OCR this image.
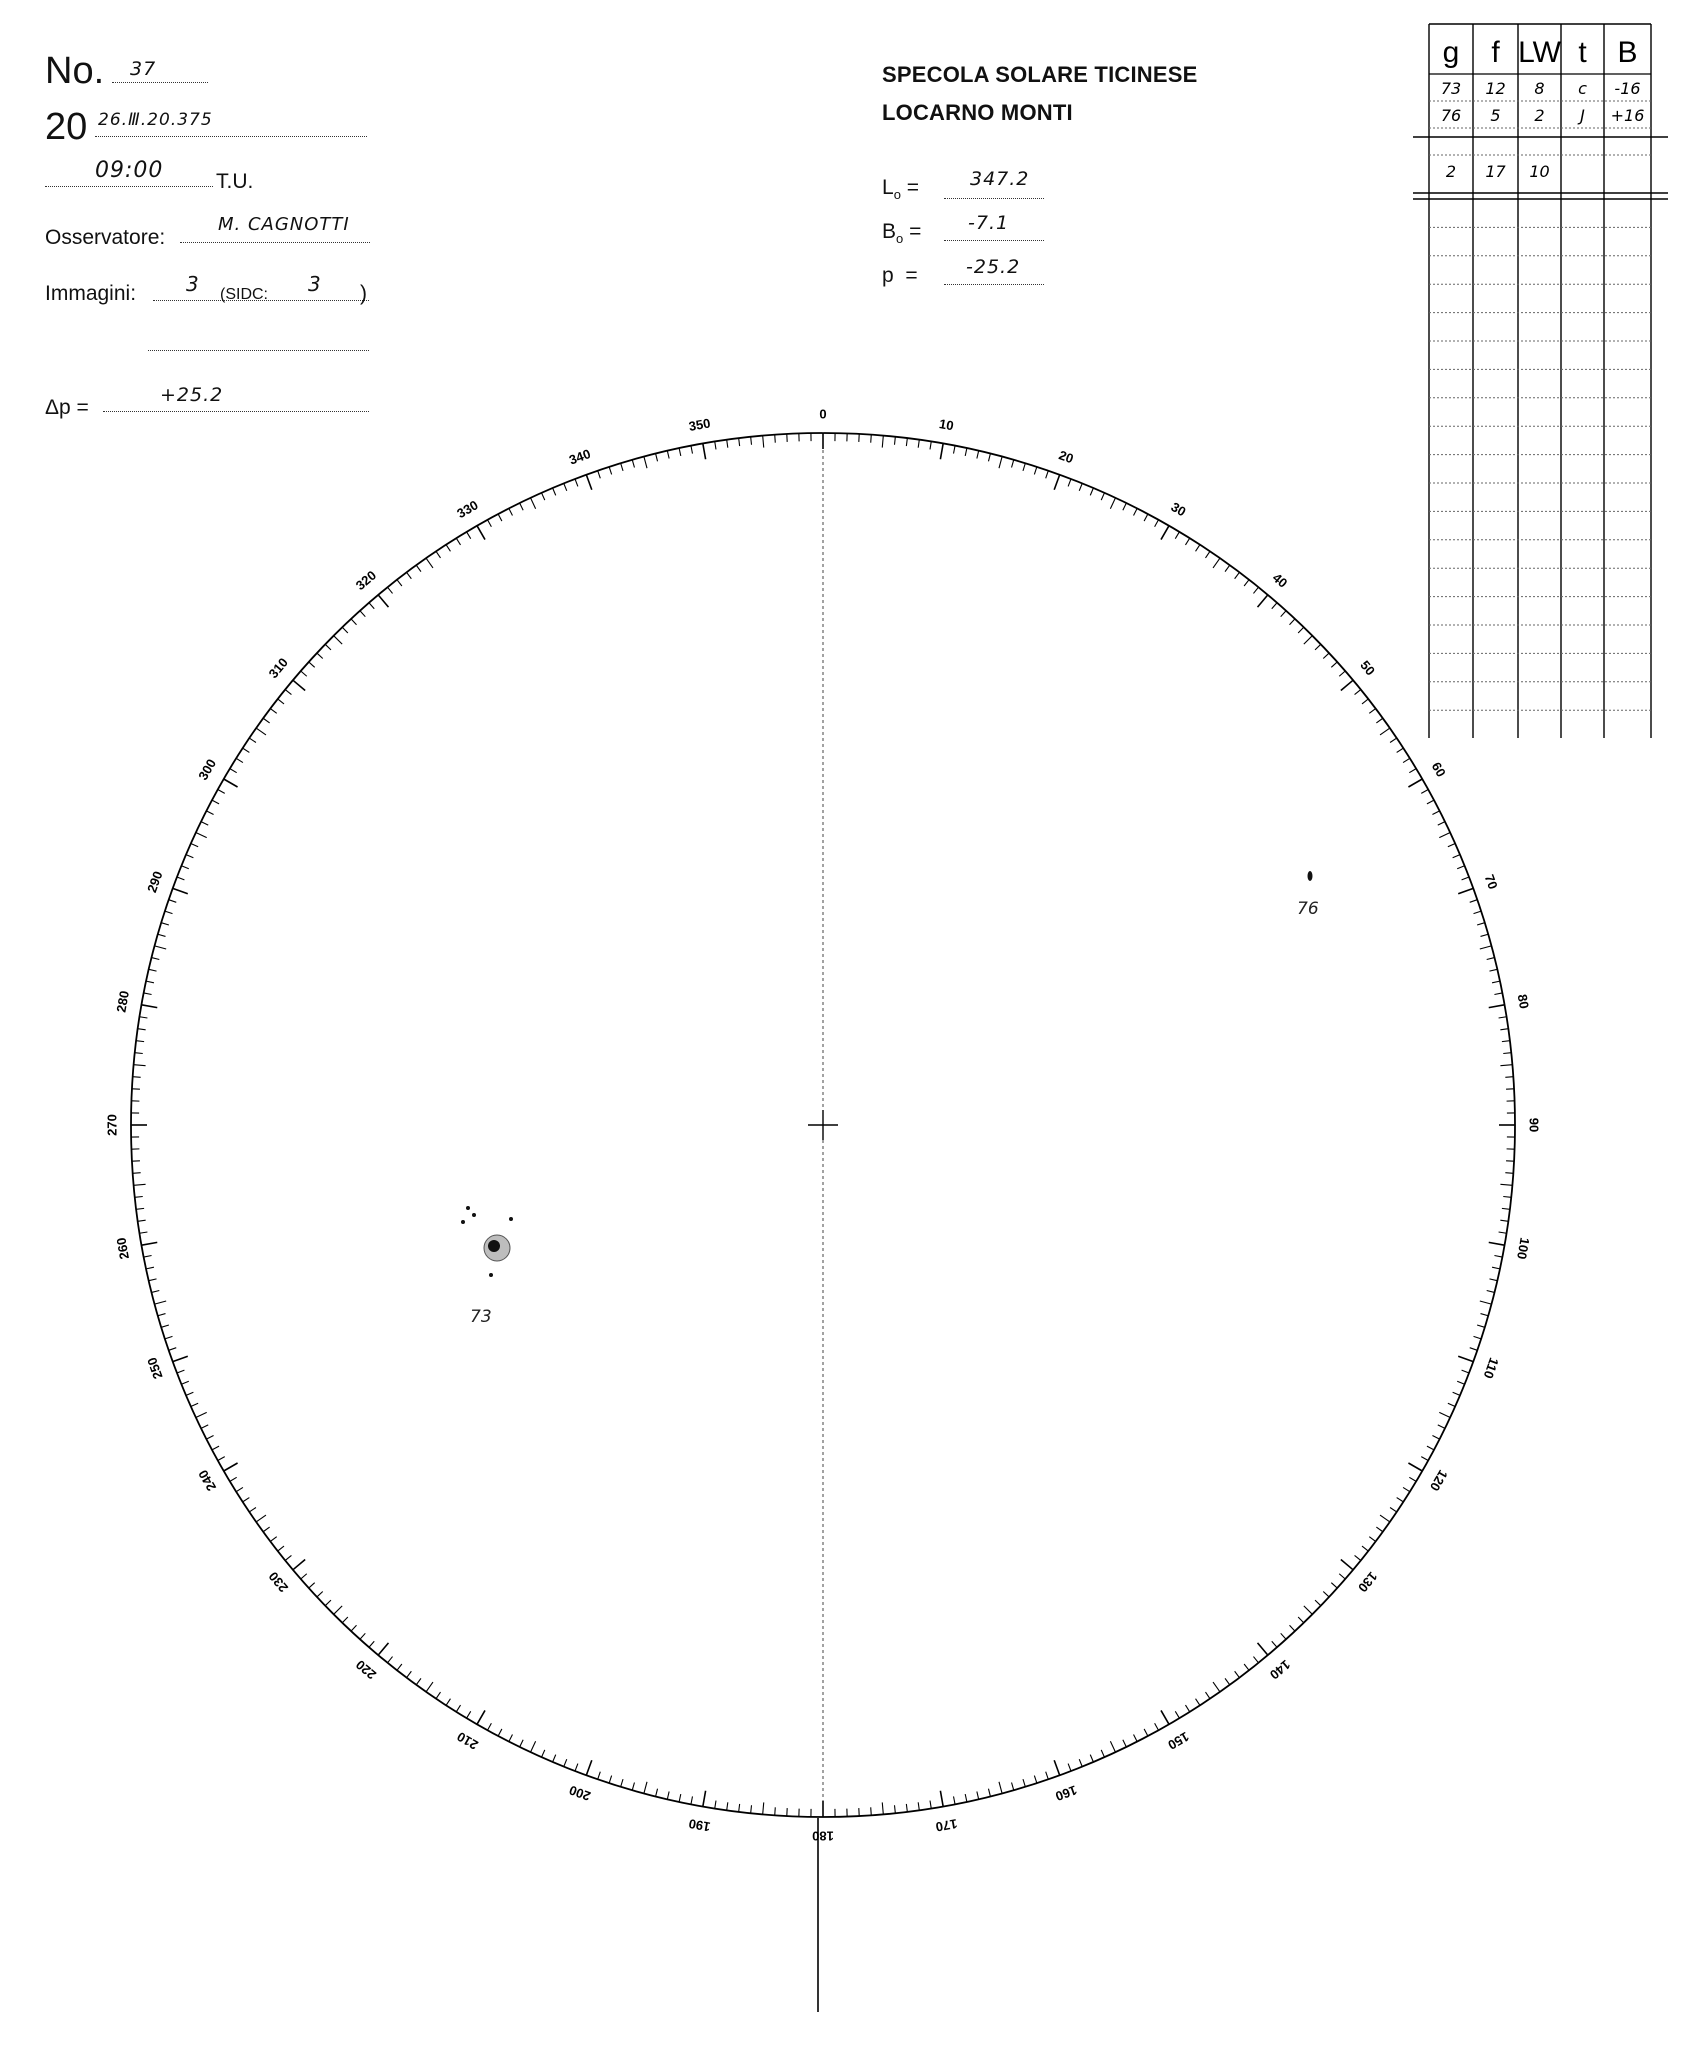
No. 37
20 26.Ⅲ.20.375
09:00	T.U.
Osservatore:
M. CAGNOTTI
Immagini: 3 (SIDC: 3 )
Δp =
+25.2
SPECOLA SOLARE TICINESE
LOCARNO MONTI
$L_o$ =	347.2
$B_o = -7.1$
p =	-25.2
g f LW t B
73 12 8 c -16
76 5 2 J +16
2 17 10
0
10
20
30
40
50
60
70
80
90
100
110
120
130
140
150
160
170
180
190
200
210
220
230
240
250
260
270
280
290
300
310
320
330
340
350
73
76
